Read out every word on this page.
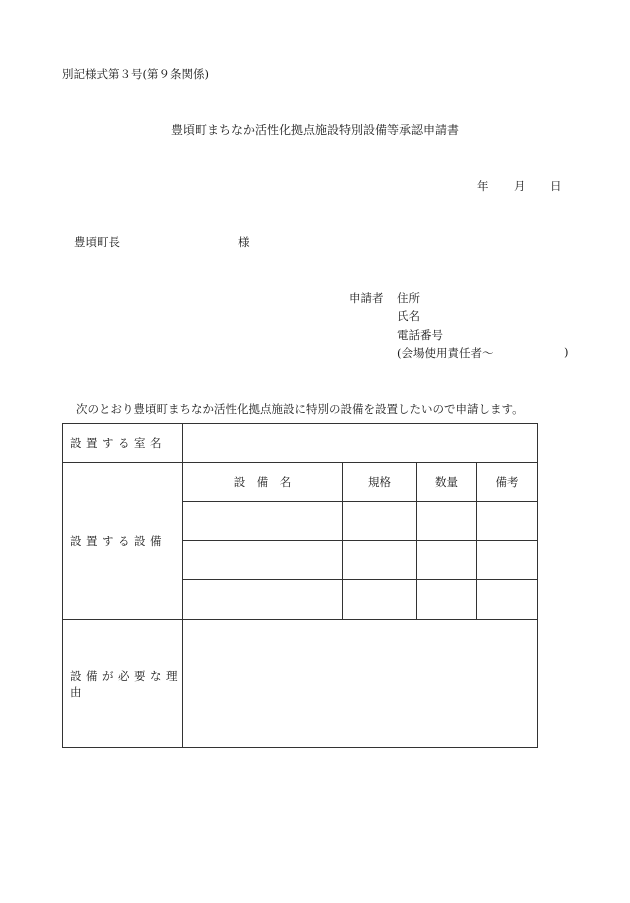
別記様式第３号(第９条関係)
豊頃町まちなか活性化拠点施設特別設備等承認申請書
年 月 日
豊頃町長	様
申請者 住所
氏名
電話番号
(会場使用責任者～	)
次のとおり豊頃町まちなか活性化拠点施設に特別の設備を設置したいので申請します。
設置する室名				
設置する設備	設　備　名	規格	数量	備考

設備が必要な理由				
